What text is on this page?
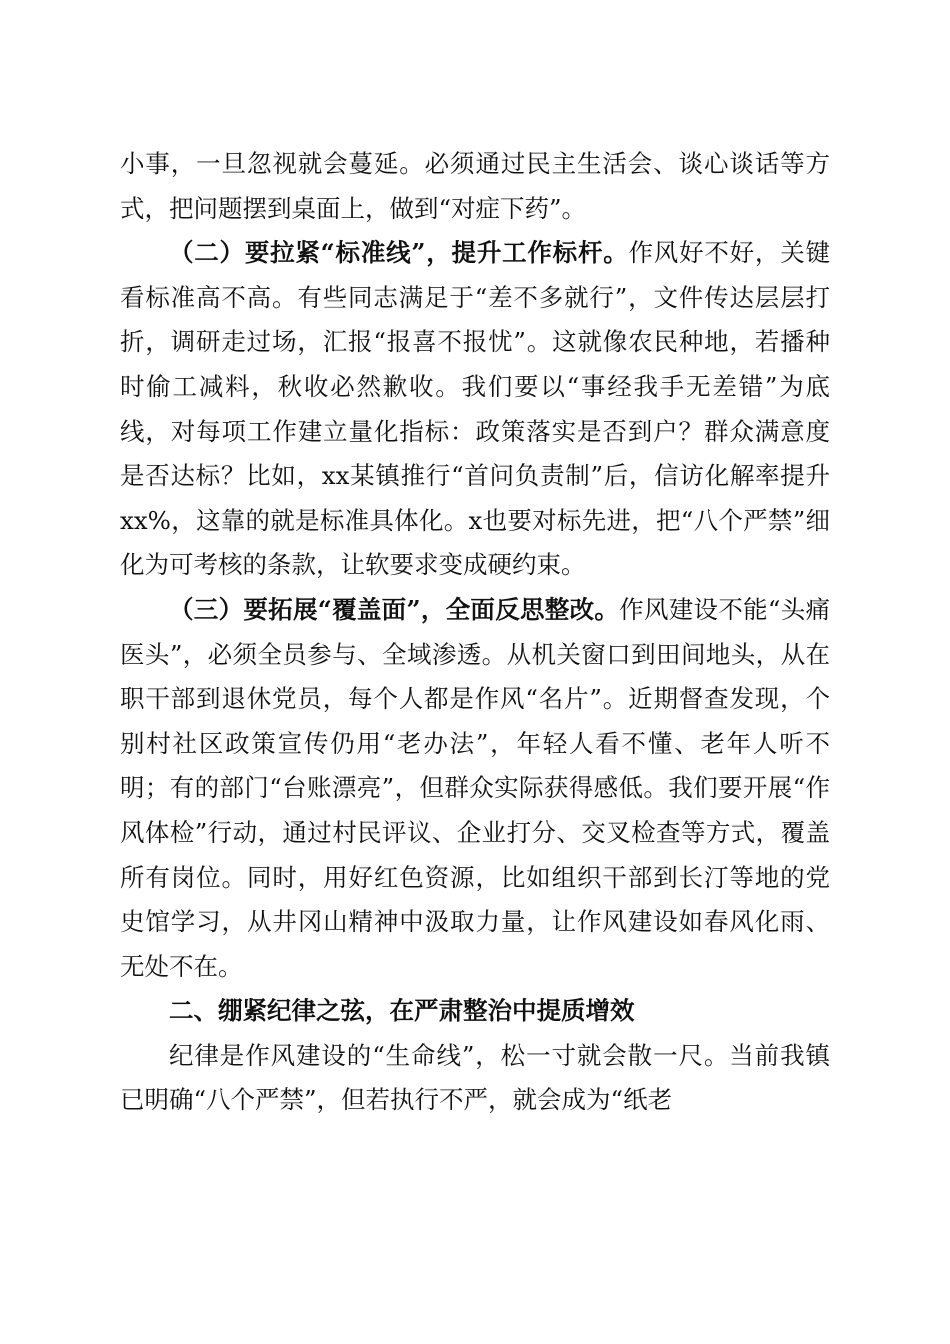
小事，一旦忽视就会蔓延。必须通过民主生活会、谈心谈话等方式，把问题摆到桌面上，做到“对症下药”。

（二）要拉紧“标准线”，提升工作标杆。作风好不好，关键看标准高不高。有些同志满足于“差不多就行”，文件传达层层打折，调研走过场，汇报“报喜不报忧”。这就像农民种地，若播种时偷工减料，秋收必然歉收。我们要以“事经我手无差错”为底线，对每项工作建立量化指标：政策落实是否到户？群众满意度是否达标？比如，xx某镇推行“首问负责制”后，信访化解率提升xx%，这靠的就是标准具体化。x也要对标先进，把“八个严禁”细化为可考核的条款，让软要求变成硬约束。

（三）要拓展“覆盖面”，全面反思整改。作风建设不能“头痛医头”，必须全员参与、全域渗透。从机关窗口到田间地头，从在职干部到退休党员，每个人都是作风“名片”。近期督查发现，个别村社区政策宣传仍用“老办法”，年轻人看不懂、老年人听不明；有的部门“台账漂亮”，但群众实际获得感低。我们要开展“作风体检”行动，通过村民评议、企业打分、交叉检查等方式，覆盖所有岗位。同时，用好红色资源，比如组织干部到长汀等地的党史馆学习，从井冈山精神中汲取力量，让作风建设如春风化雨、无处不在。

二、绷紧纪律之弦，在严肃整治中提质增效

纪律是作风建设的“生命线”，松一寸就会散一尺。当前我镇已明确“八个严禁”，但若执行不严，就会成为“纸老
